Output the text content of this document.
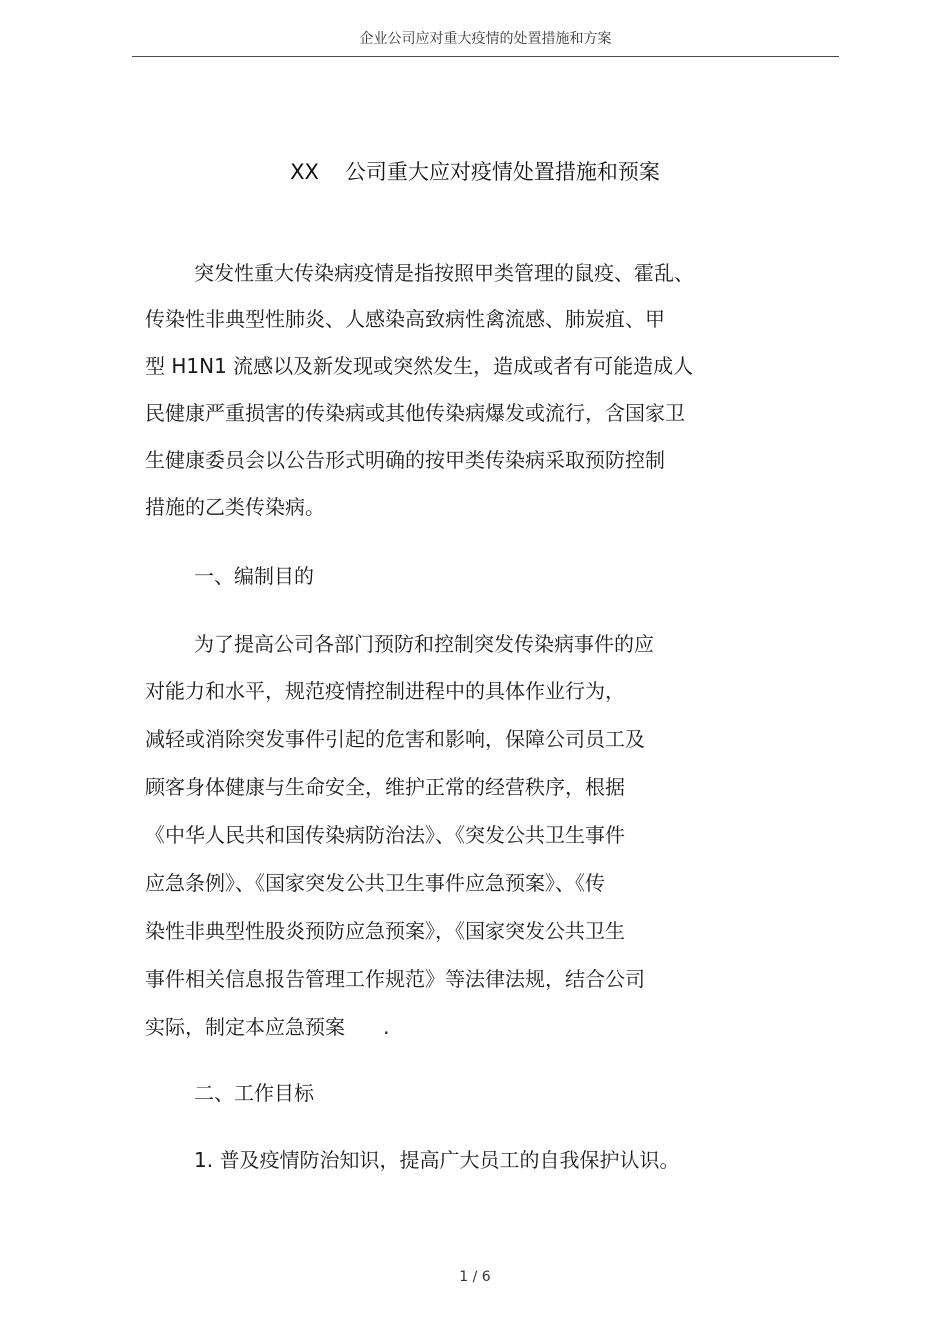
企业公司应对重大疫情的处置措施和方案
XX 公司重大应对疫情处置措施和预案
突发性重大传染病疫情是指按照甲类管理的鼠疫、霍乱、
传染性非典型性肺炎、人感染高致病性禽流感、肺炭疽、甲
型 H1N1 流感以及新发现或突然发生，造成或者有可能造成人
民健康严重损害的传染病或其他传染病爆发或流行，含国家卫
生健康委员会以公告形式明确的按甲类传染病采取预防控制
措施的乙类传染病。
一、编制目的
为了提高公司各部门预防和控制突发传染病事件的应
对能力和水平，规范疫情控制进程中的具体作业行为，
减轻或消除突发事件引起的危害和影响，保障公司员工及
顾客身体健康与生命安全，维护正常的经营秩序，根据
《中华人民共和国传染病防治法》、《突发公共卫生事件
应急条例》、《国家突发公共卫生事件应急预案》、《传
染性非典型性股炎预防应急预案》，《国家突发公共卫生
事件相关信息报告管理工作规范》等法律法规，结合公司
实际，制定本应急预案      .
二、工作目标
1. 普及疫情防治知识，提高广大员工的自我保护认识。
1 / 6
